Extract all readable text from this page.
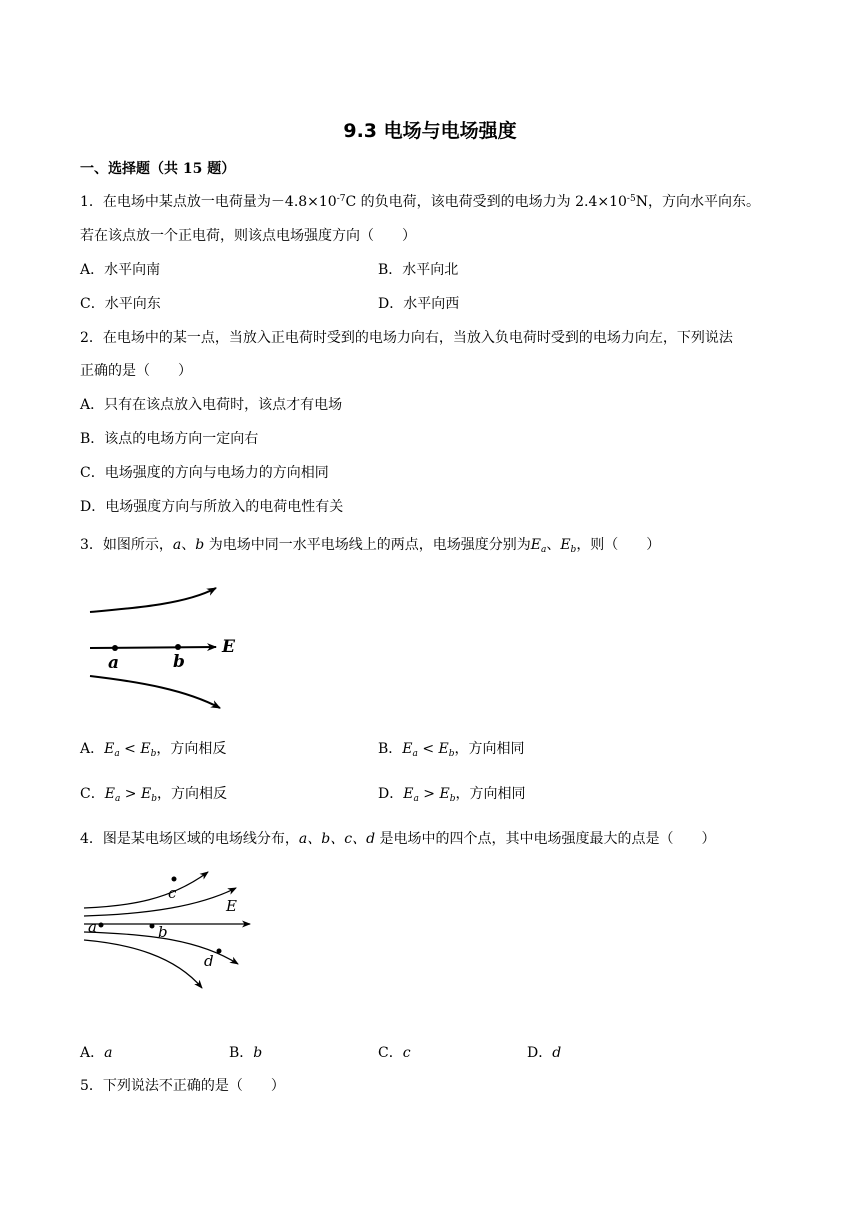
9.3 电场与电场强度
一、选择题（共 15 题）
1．在电场中某点放一电荷量为$-4.8\times 10^{-7}C$ 的负电荷，该电荷受到的电场力为 $2.4\times 10^{-5}N$，方向水平向东。
若在该点放一个正电荷，则该点电场强度方向（　　）
A．水平向南	B．水平向北
C．水平向东	D．水平向西
2．在电场中的某一点，当放入正电荷时受到的电场力向右，当放入负电荷时受到的电场力向左，下列说法
正确的是（　　）
A．只有在该点放入电荷时，该点才有电场
B．该点的电场方向一定向右
C．电场强度的方向与电场力的方向相同
D．电场强度方向与所放入的电荷电性有关
3．如图所示，a、b 为电场中同一水平电场线上的两点，电场强度分别为$E_a$、$E_b$，则（　　）
a	b
E
A．$E_a < E_b$，方向相反	B．$E_a < E_b$，方向相同
C．$E_a > E_b$，方向相反	D．$E_a > E_b$，方向相同
4．图是某电场区域的电场线分布，a、b、c、d 是电场中的四个点，其中电场强度最大的点是（　　）
a	b
c
d
E
A．a	B．b	C．c	D．d
5．下列说法不正确的是（　　）
